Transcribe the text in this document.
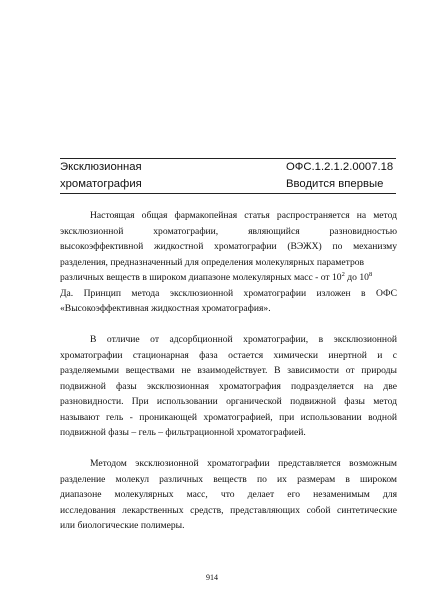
Эксклюзионная	ОФС.1.2.1.2.0007.18
хроматография	Вводится впервые
Настоящая общая фармакопейная статья распространяется на метод
эксклюзионной хроматографии, являющийся разновидностью
высокоэффективной жидкостной хроматографии (ВЭЖХ) по механизму
разделения, предназначенный для определения молекулярных параметров
различных веществ в широком диапазоне молекулярных масс - от $10^2$ до $10^8$
Да. Принцип метода эксклюзионной хроматографии изложен в ОФС
«Высокоэффективная жидкостная хроматография».
В отличие от адсорбционной хроматографии, в эксклюзионной
хроматографии стационарная фаза остается химически инертной и с
разделяемыми веществами не взаимодействует. В зависимости от природы
подвижной фазы эксклюзионная хроматография подразделяется на две
разновидности. При использовании органической подвижной фазы метод
называют гель - проникающей хроматографией, при использовании водной
подвижной фазы – гель – фильтрационной хроматографией.
Методом эксклюзионной хроматографии представляется возможным
разделение молекул различных веществ по их размерам в широком
диапазоне молекулярных масс, что делает его незаменимым для
исследования лекарственных средств, представляющих собой синтетические
или биологические полимеры.
914
